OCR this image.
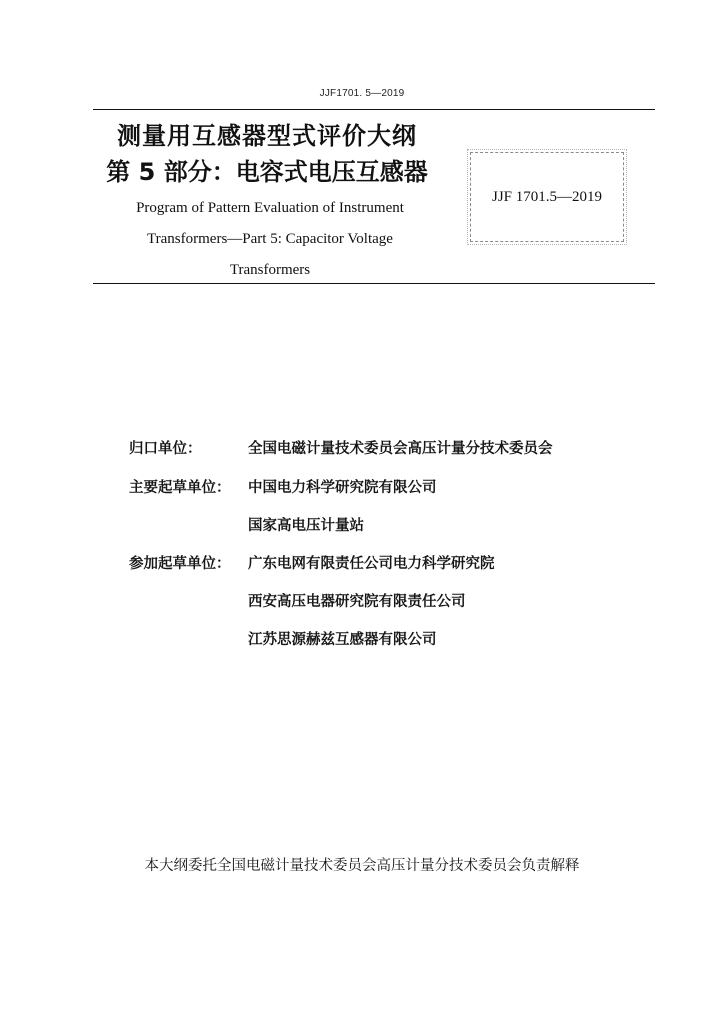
JJF1701. 5—2019
测量用互感器型式评价大纲
第 5 部分：电容式电压互感器
Program of Pattern Evaluation of Instrument
Transformers—Part 5: Capacitor Voltage
Transformers
JJF 1701.5—2019
归口单位：	全国电磁计量技术委员会高压计量分技术委员会
主要起草单位： 中国电力科学研究院有限公司
国家高电压计量站
参加起草单位： 广东电网有限责任公司电力科学研究院
西安高压电器研究院有限责任公司
江苏思源赫兹互感器有限公司
本大纲委托全国电磁计量技术委员会高压计量分技术委员会负责解释
